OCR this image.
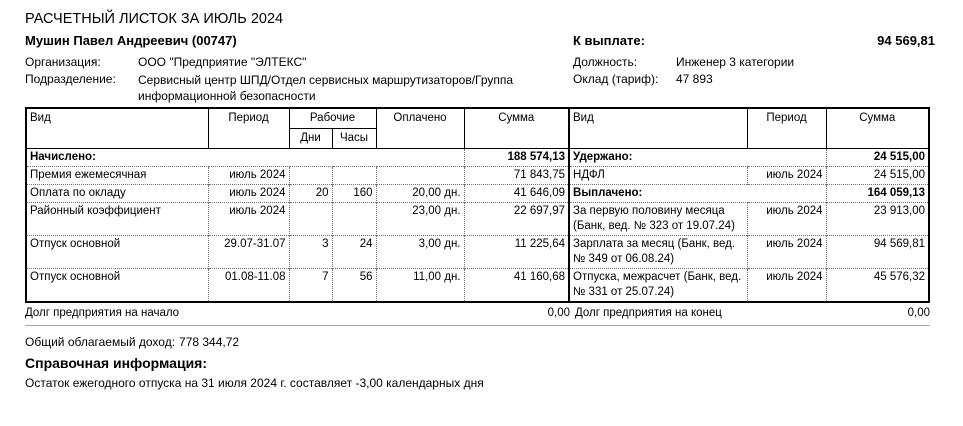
РАСЧЕТНЫЙ ЛИСТОК ЗА ИЮЛЬ 2024
Мушин Павел Андреевич (00747)	К выплате:	94 569,81
Организация:	ООО "Предприятие "ЭЛТЕКС"	Должность:	Инженер 3 категории
Подразделение: Сервисный центр ШПД/Отдел сервисных маршрутизаторов/Группа информационной безопасности
Оклад (тариф): 47 893
Вид	Период	Рабочие		Оплачено	Сумма	Вид	Период	Сумма
		Дни	Часы					
Начислено:					188 574,13	Удержано:		24 515,00
Премия ежемесячная	июль 2024				71 843,75	НДФЛ	июль 2024	24 515,00
Оплата по окладу	июль 2024	20	160	20,00 дн.	41 646,09	Выплачено:		164 059,13
Районный коэффициент	июль 2024			23,00 дн.	22 697,97	За первую половину месяца (Банк, вед. № 323 от 19.07.24)	июль 2024	23 913,00
Отпуск основной	29.07-31.07	3	24	3,00 дн.	11 225,64	Зарплата за месяц (Банк, вед. № 349 от 06.08.24)	июль 2024	94 569,81
Отпуск основной	01.08-11.08	7	56	11,00 дн.	41 160,68	Отпуска, межрасчет (Банк, вед. № 331 от 25.07.24)	июль 2024	45 576,32
Долг предприятия на начало	0,00 Долг предприятия на конец	0,00
Общий облагаемый доход: 778 344,72
Справочная информация:
Остаток ежегодного отпуска на 31 июля 2024 г. составляет -3,00 календарных дня
